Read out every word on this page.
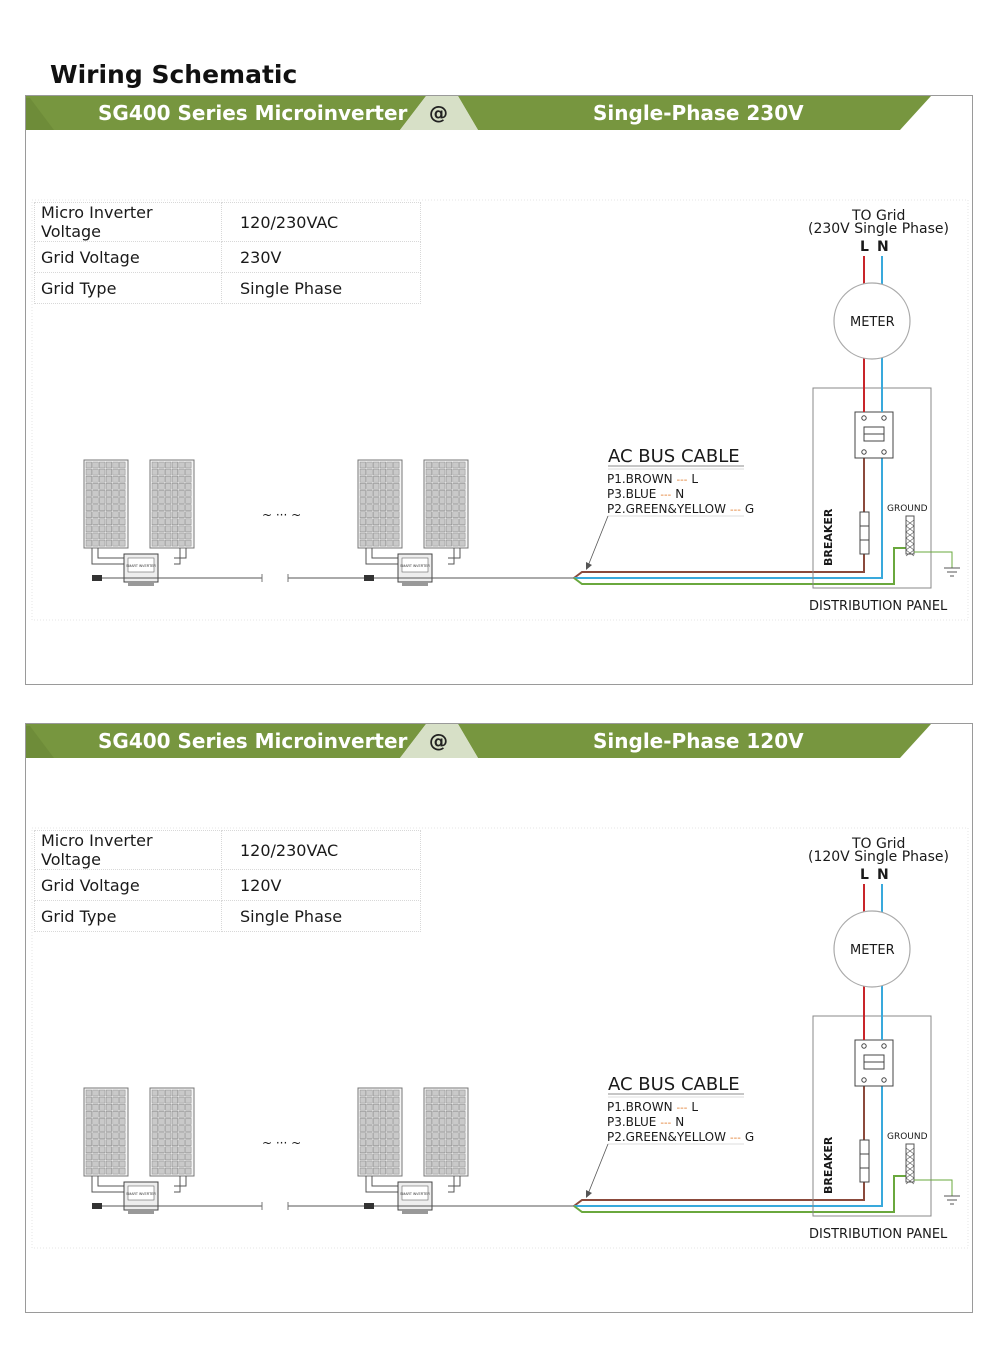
Wiring Schematic
SMART INVERTER	SMART INVERTER
SG400 Series Microinverter @	Single-Phase 230V
Micro Inverter Voltage	120/230VAC
Grid Voltage	230V
Grid Type	Single Phase
TO Grid
(230V Single Phase)
L N
METER
AC BUS CABLE
P1.BROWN --- L
P3.BLUE --- N
P2.GREEN&YELLOW --- G	BREAKER	GROUND
DISTRIBUTION PANEL
~ ··· ~
SMART INVERTER	SMART INVERTER
SG400 Series Microinverter @	Single-Phase 120V
Micro Inverter Voltage	120/230VAC
Grid Voltage	120V
Grid Type	Single Phase
TO Grid
(120V Single Phase)
L N
METER
AC BUS CABLE
P1.BROWN --- L
P3.BLUE --- N
P2.GREEN&YELLOW --- G	BREAKER	GROUND
DISTRIBUTION PANEL
~ ··· ~
